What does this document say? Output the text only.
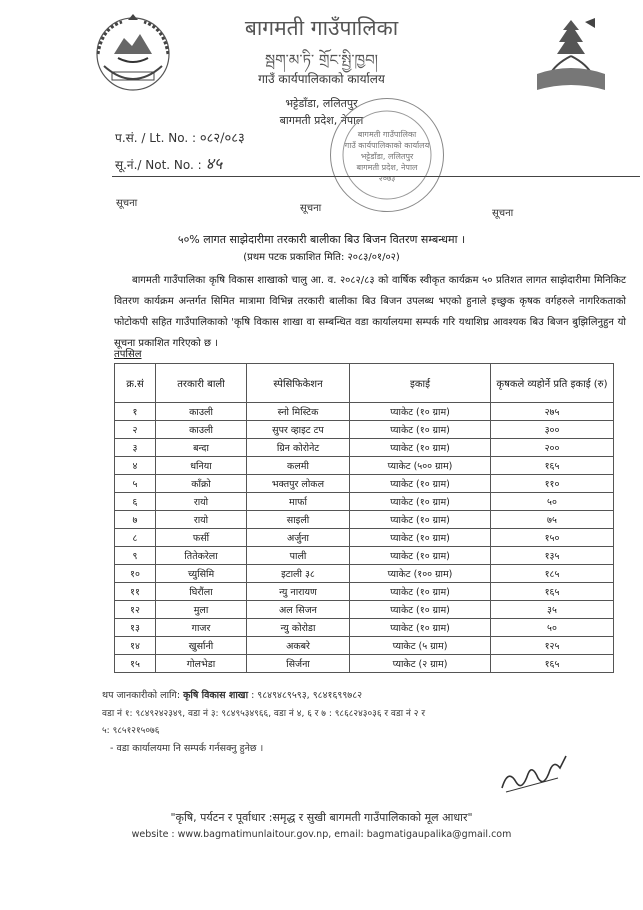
बागमती गाउँपालिका
སྦག་མ་ཏི་ གྲོང་སྤྱི་ཁྱབ།
गाउँ कार्यपालिकाको कार्यालय
भट्टेडाँडा, ललितपुर
बागमती प्रदेश, नेपाल
बागमती गाउँपालिका
गाउँ कार्यपालिकाको कार्यालय
भट्टेडाँडा, ललितपुर
बागमती प्रदेश, नेपाल
२०७३
प.सं. / Lt. No. : ०८२/०८३
सू.नं./ Not. No. : ४५
सूचना	सूचना	सूचना
५०% लागत साझेदारीमा तरकारी बालीका बिउ बिजन वितरण सम्बन्धमा ।
(प्रथम पटक प्रकाशित मिति: २०८३/०१/०२)
बागमती गाउँपालिका कृषि विकास शाखाको चालु आ. व. २०८२/८३ को वार्षिक स्वीकृत कार्यक्रम ५० प्रतिशत लागत साझेदारीमा मिनिकिट वितरण कार्यक्रम अन्तर्गत सिमित मात्रामा विभिन्न तरकारी बालीका बिउ बिजन उपलब्ध भएको हुनाले इच्छुक कृषक वर्गहरुले नागरिकताको फोटोकपी सहित गाउँपालिकाको 'कृषि विकास शाखा वा सम्बन्धित वडा कार्यालयमा सम्पर्क गरि यथाशिघ्र आवश्यक बिउ बिजन बुझिलिनुहुन यो सूचना प्रकाशित गरिएको छ ।
तपसिल
क्र.सं	तरकारी बाली	स्पेसिफिकेशन	इकाई	कृषकले व्यहोर्ने प्रति इकाई (रु)
१	काउली	स्नो मिस्टिक	प्याकेट (१० ग्राम)	२७५
२	काउली	सुपर व्हाइट टप	प्याकेट (१० ग्राम)	३००
३	बन्दा	ग्रिन कोरोनेट	प्याकेट (१० ग्राम)	२००
४	धनिया	कलमी	प्याकेट (५०० ग्राम)	१६५
५	काँक्रो	भक्तपुर लोकल	प्याकेट (१० ग्राम)	११०
६	रायो	मार्फा	प्याकेट (१० ग्राम)	५०
७	रायो	साइली	प्याकेट (१० ग्राम)	७५
८	फर्सी	अर्जुना	प्याकेट (१० ग्राम)	१५०
९	तितेकरेला	पाली	प्याकेट (१० ग्राम)	१३५
१०	च्युसिमि	इटाली ३८	प्याकेट (१०० ग्राम)	१८५
११	घिरौंला	न्यु नारायण	प्याकेट (१० ग्राम)	१६५
१२	मुला	अल सिजन	प्याकेट (१० ग्राम)	३५
१३	गाजर	न्यु कोरोडा	प्याकेट (१० ग्राम)	५०
१४	खुर्सानी	अकबरे	प्याकेट (५ ग्राम)	१२५
१५	गोलभेडा	सिर्जना	प्याकेट (२ ग्राम)	१६५
थप जानकारीको लागि: कृषि विकास शाखा : ९८४९४८९५९३, ९८४१६९९७८२
वडा नं १: ९८४९२४२३४९, वडा नं ३: ९८४९५३४९६६, वडा नं ४, ६ र ७ : ९८६८२४३०३६ र वडा नं २ र
५: ९८५१२१५०७६
- वडा कार्यालयमा नि सम्पर्क गर्नसक्नु हुनेछ ।
"कृषि, पर्यटन र पूर्वाधार :समृद्ध र सुखी बागमती गाउँपालिकाको मूल आधार"
website : www.bagmatimunlaitour.gov.np, email: bagmatigaupalika@gmail.com
